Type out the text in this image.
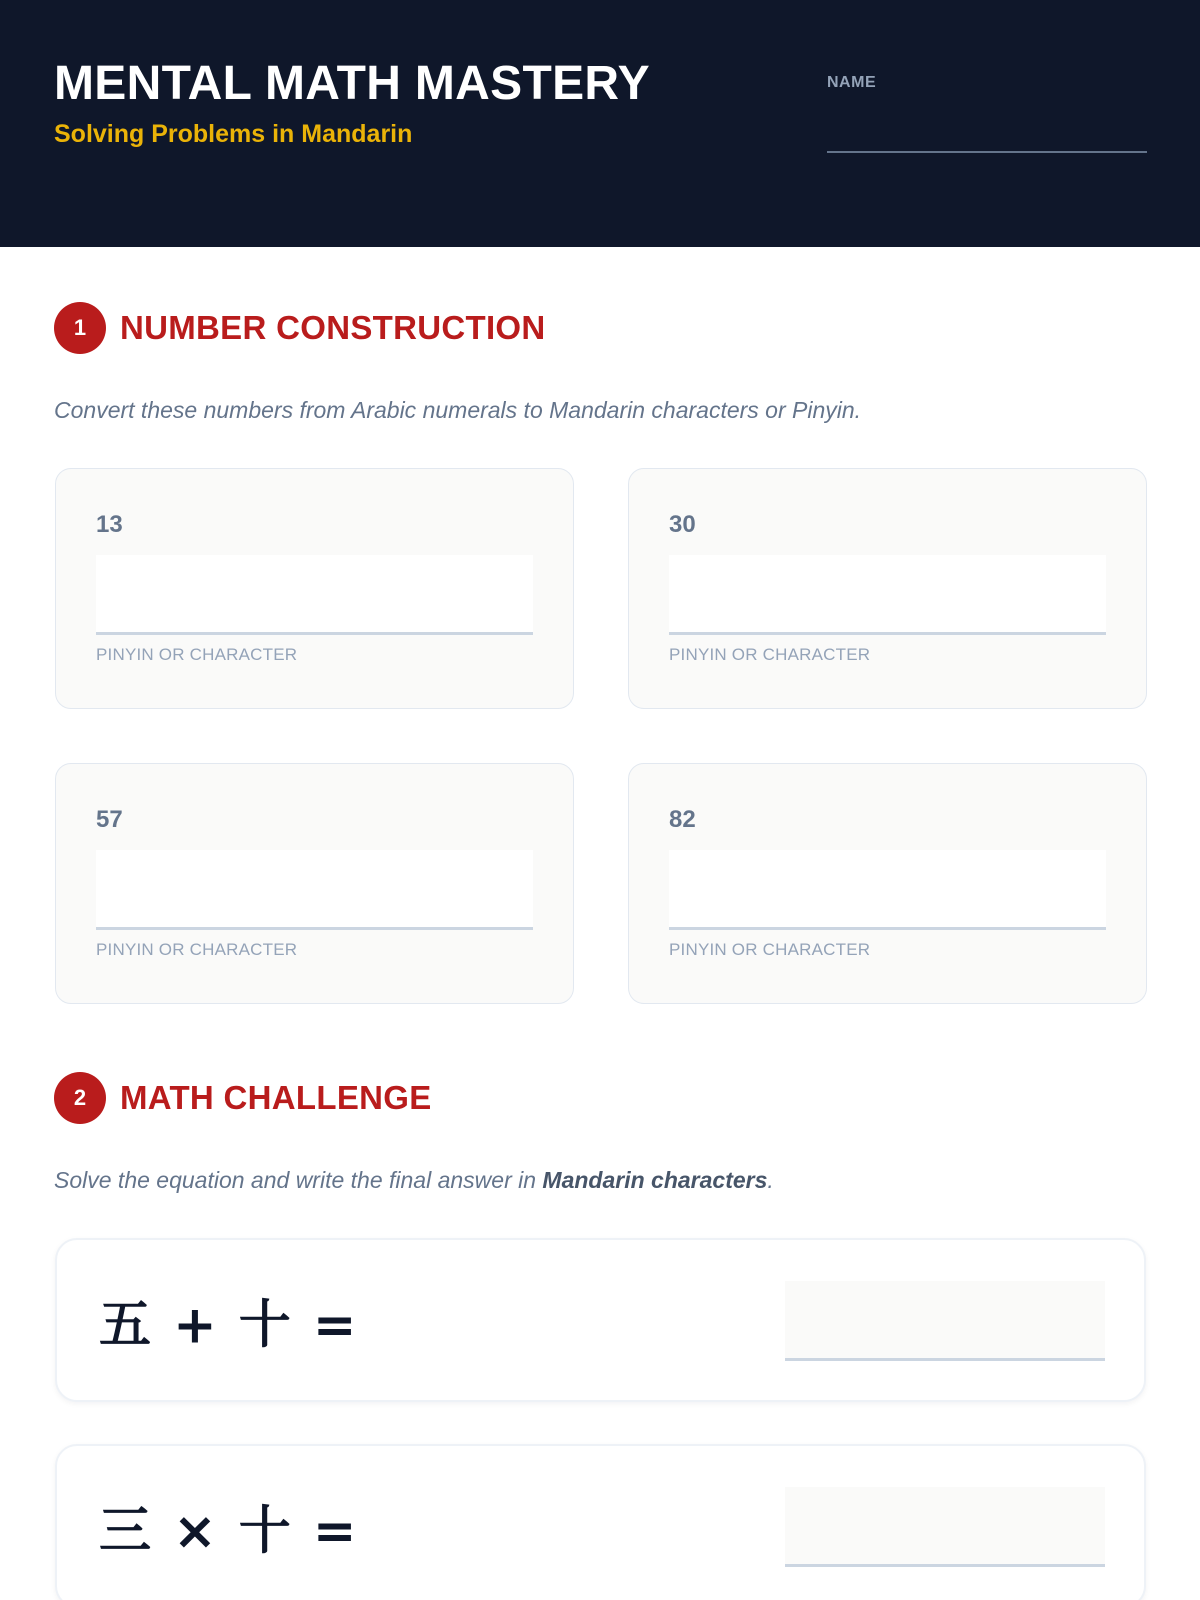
MENTAL MATH MASTERY
Solving Problems in Mandarin
NAME
1	NUMBER CONSTRUCTION
Convert these numbers from Arabic numerals to Mandarin characters or Pinyin.
13
PINYIN OR CHARACTER
30
PINYIN OR CHARACTER
57
PINYIN OR CHARACTER
82
PINYIN OR CHARACTER
2	MATH CHALLENGE
Solve the equation and write the final answer in Mandarin characters.
五 + 十 =
三 × 十 =
